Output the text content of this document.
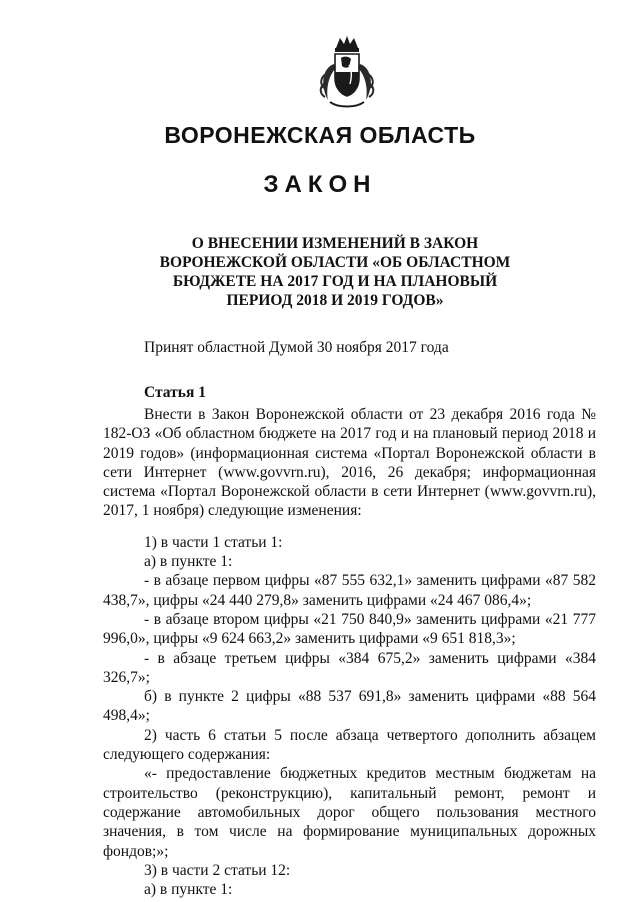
ВОРОНЕЖСКАЯ ОБЛАСТЬ
ЗАКОН
О ВНЕСЕНИИ ИЗМЕНЕНИЙ В ЗАКОН ВОРОНЕЖСКОЙ ОБЛАСТИ «ОБ ОБЛАСТНОМ БЮДЖЕТЕ НА 2017 ГОД И НА ПЛАНОВЫЙ ПЕРИОД 2018 И 2019 ГОДОВ»
Принят областной Думой 30 ноября 2017 года
Статья 1

Внести в Закон Воронежской области от 23 декабря 2016 года № 182-ОЗ «Об областном бюджете на 2017 год и на плановый период 2018 и 2019 годов» (информационная система «Портал Воронежской области в сети Интернет (www.govvrn.ru), 2016, 26 декабря; информационная система «Портал Воронежской области в сети Интернет (www.govvrn.ru), 2017, 1 ноября) следующие изменения:

1) в части 1 статьи 1:

а) в пункте 1:

- в абзаце первом цифры «87 555 632,1» заменить цифрами «87 582 438,7», цифры «24 440 279,8» заменить цифрами «24 467 086,4»;

- в абзаце втором цифры «21 750 840,9» заменить цифрами «21 777 996,0», цифры «9 624 663,2» заменить цифрами «9 651 818,3»;

- в абзаце третьем цифры «384 675,2» заменить цифрами «384 326,7»;

б) в пункте 2 цифры «88 537 691,8» заменить цифрами «88 564 498,4»;

2) часть 6 статьи 5 после абзаца четвертого дополнить абзацем следующего содержания:

«- предоставление бюджетных кредитов местным бюджетам на строительство (реконструкцию), капитальный ремонт, ремонт и содержание автомобильных дорог общего пользования местного значения, в том числе на формирование муниципальных дорожных фондов;»;

3) в части 2 статьи 12:

а) в пункте 1:
